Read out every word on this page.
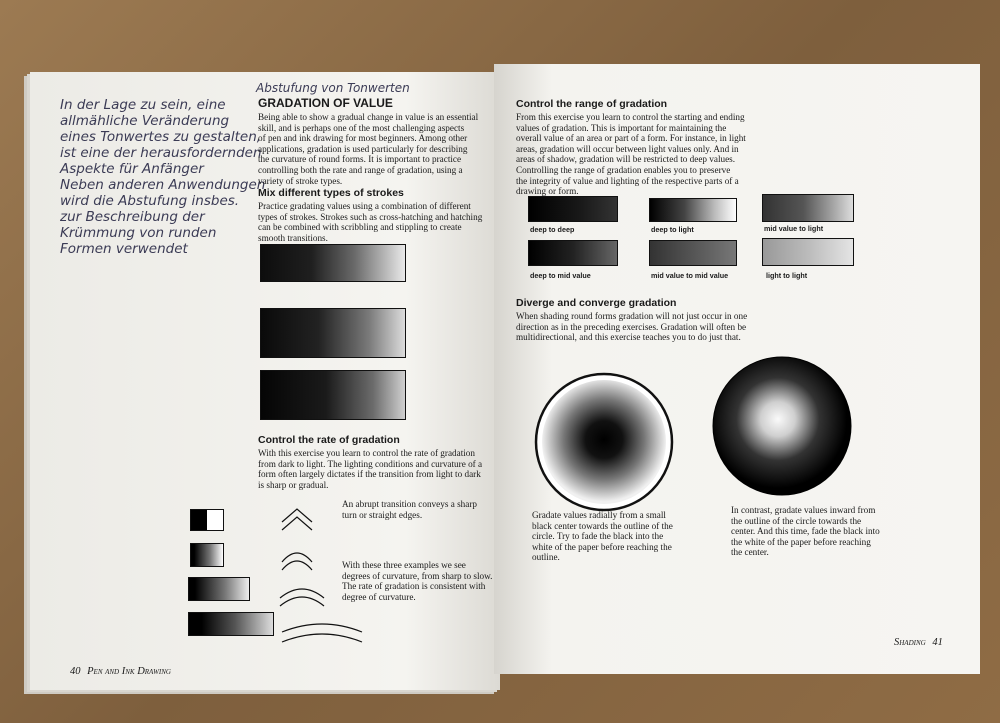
In der Lage zu sein, eine
allmähliche Veränderung
eines Tonwertes zu gestalten,
ist eine der herausfordernden
Aspekte für Anfänger
Neben anderen Anwendungen
wird die Abstufung insbes.
zur Beschreibung der
Krümmung von runden
Formen verwendet
Abstufung von Tonwerten
GRADATION OF VALUE
Being able to show a gradual change in value is an essential
skill, and is perhaps one of the most challenging aspects
of pen and ink drawing for most beginners. Among other
applications, gradation is used particularly for describing
the curvature of round forms. It is important to practice
controlling both the rate and range of gradation, using a
variety of stroke types.
Mix different types of strokes
Practice gradating values using a combination of different
types of strokes. Strokes such as cross-hatching and hatching
can be combined with scribbling and stippling to create
smooth transitions.
Control the rate of gradation
With this exercise you learn to control the rate of gradation
from dark to light. The lighting conditions and curvature of a
form often largely dictates if the transition from light to dark
is sharp or gradual.
An abrupt transition conveys a sharp
turn or straight edges.
With these three examples we see
degrees of curvature, from sharp to slow.
The rate of gradation is consistent with
degree of curvature.
40 Pen and Ink Drawing
Control the range of gradation
From this exercise you learn to control the starting and ending
values of gradation. This is important for maintaining the
overall value of an area or part of a form. For instance, in light
areas, gradation will occur between light values only. And in
areas of shadow, gradation will be restricted to deep values.
Controlling the range of gradation enables you to preserve
the integrity of value and lighting of the respective parts of a
drawing or form.
deep to deep	deep to light	mid value to light
deep to mid value	mid value to mid value	light to light
Diverge and converge gradation
When shading round forms gradation will not just occur in one
direction as in the preceding exercises. Gradation will often be
multidirectional, and this exercise teaches you to do just that.
Gradate values radially from a small
black center towards the outline of the
circle. Try to fade the black into the
white of the paper before reaching the
outline.
In contrast, gradate values inward from
the outline of the circle towards the
center. And this time, fade the black into
the white of the paper before reaching
the center.
Shading 41
